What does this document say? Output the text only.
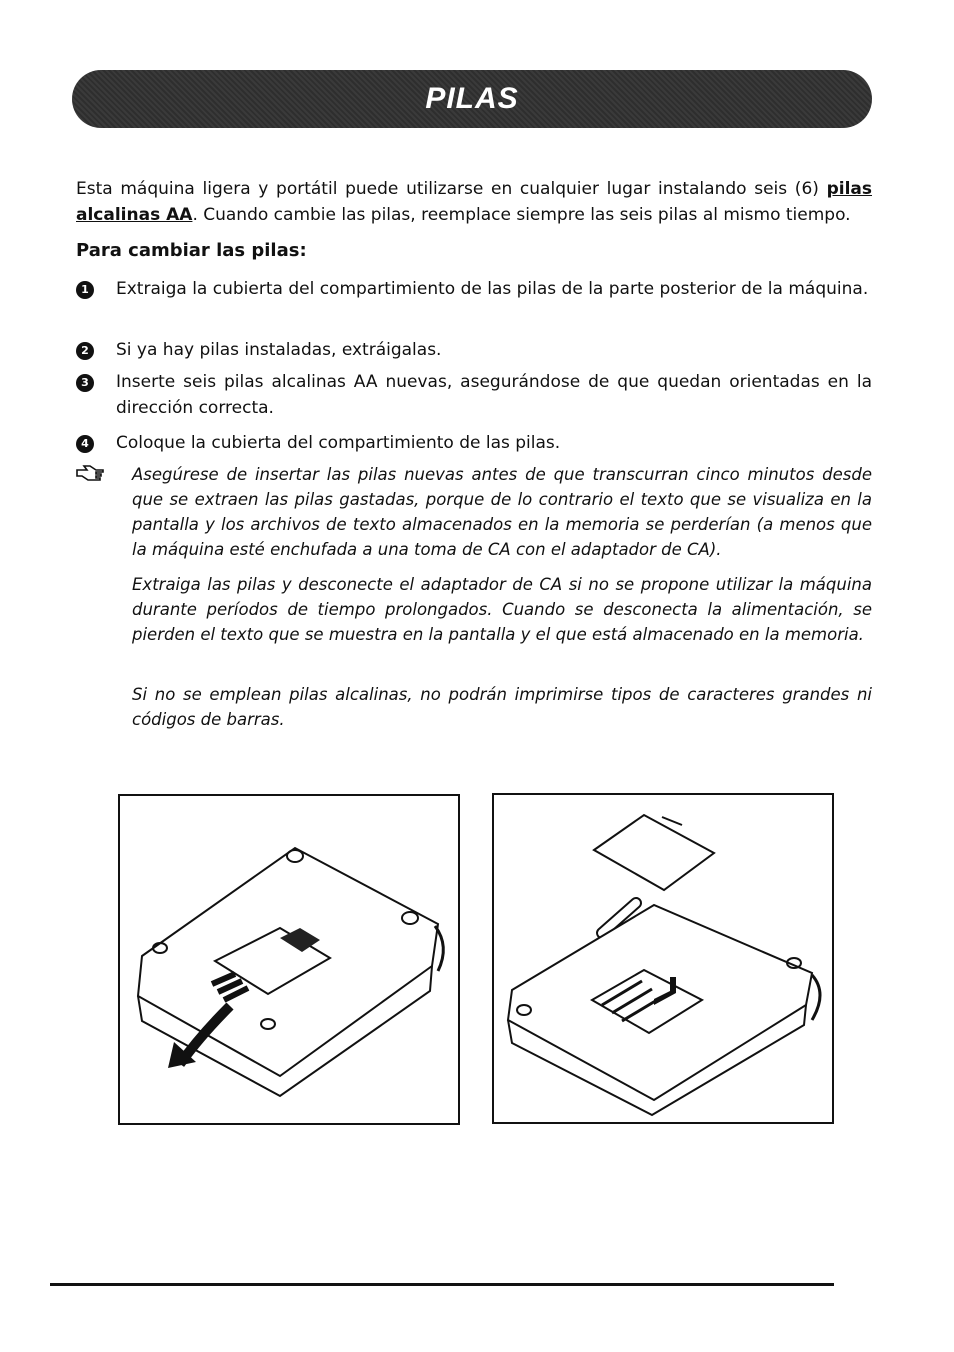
PILAS

Esta máquina ligera y portátil puede utilizarse en cualquier lugar instalando seis (6) pilas alcalinas AA. Cuando cambie las pilas, reemplace siempre las seis pilas al mismo tiempo.

Para cambiar las pilas:
1	Extraiga la cubierta del compartimiento de las pilas de la parte posterior de la máquina.
2	Si ya hay pilas instaladas, extráigalas.
3	Inserte seis pilas alcalinas AA nuevas, asegurándose de que quedan orientadas en la dirección correcta.
4	Coloque la cubierta del compartimiento de las pilas.

Asegúrese de insertar las pilas nuevas antes de que transcurran cinco minutos desde que se extraen las pilas gastadas, porque de lo contrario el texto que se visualiza en la pantalla y los archivos de texto almacenados en la memoria se perderían (a menos que la máquina esté enchufada a una toma de CA con el adaptador de CA).

Extraiga las pilas y desconecte el adaptador de CA si no se propone utilizar la máquina durante períodos de tiempo prolongados. Cuando se desconecta la alimentación, se pierden el texto que se muestra en la pantalla y el que está almacenado en la memoria.

Si no se emplean pilas alcalinas, no podrán imprimirse tipos de caracteres grandes ni códigos de barras.
